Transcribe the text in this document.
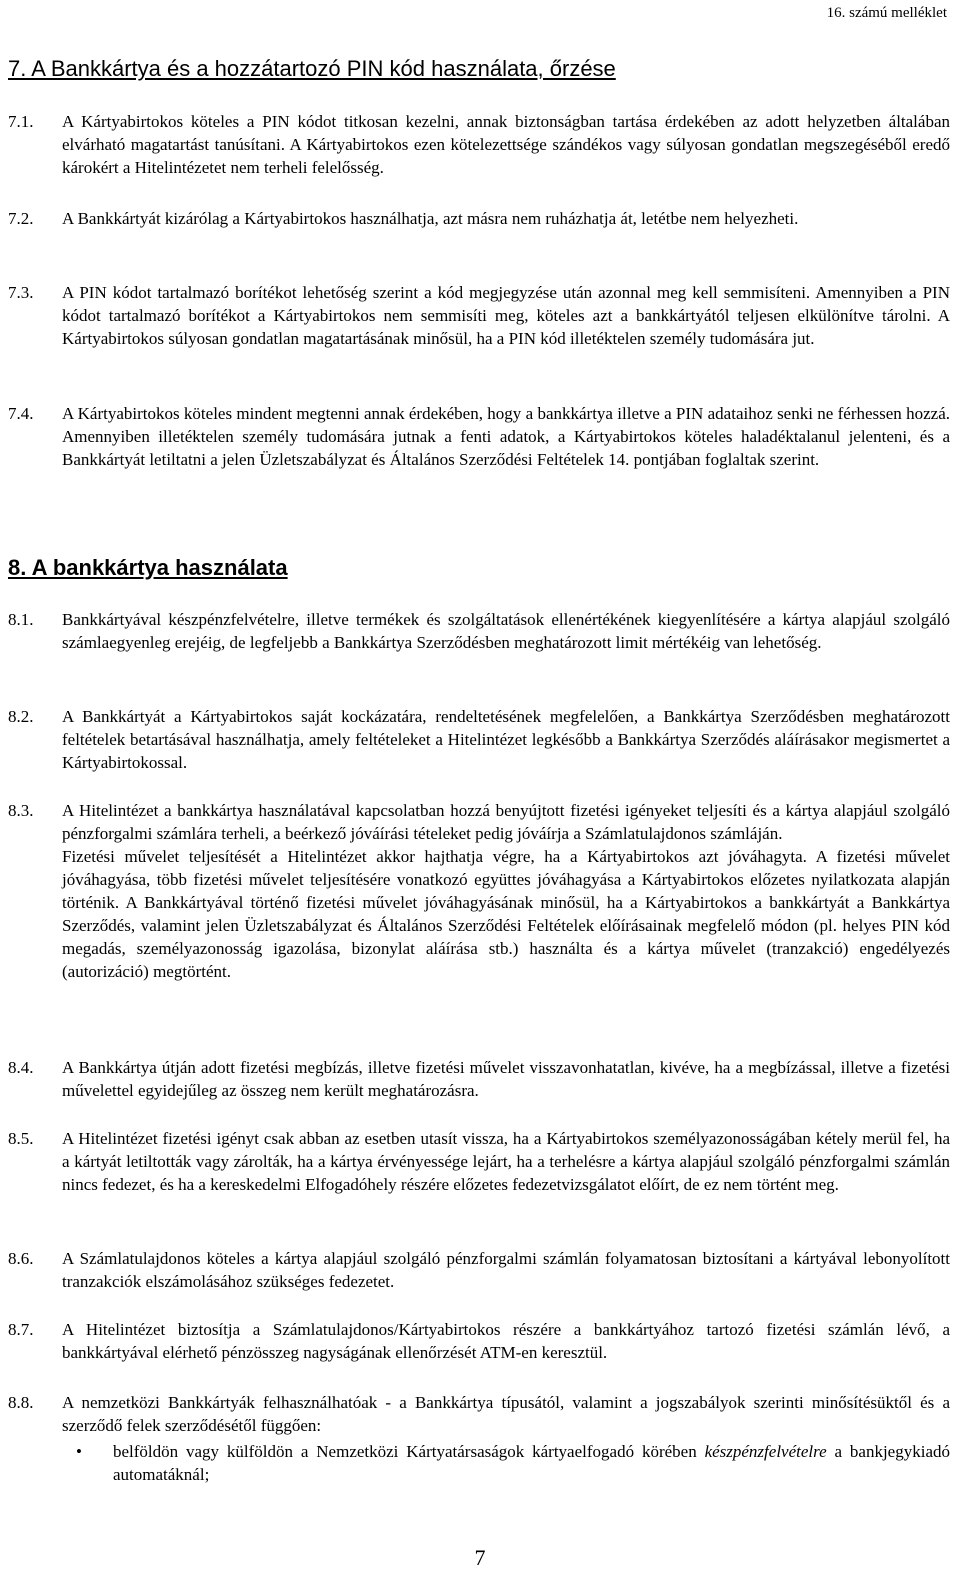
16. számú melléklet
7. A Bankkártya és a hozzátartozó PIN kód használata, őrzése
7.1. A Kártyabirtokos köteles a PIN kódot titkosan kezelni, annak biztonságban tartása érdekében az adott helyzetben általában elvárható magatartást tanúsítani. A Kártyabirtokos ezen kötelezettsége szándékos vagy súlyosan gondatlan megszegéséből eredő károkért a Hitelintézetet nem terheli felelősség.
7.2. A Bankkártyát kizárólag a Kártyabirtokos használhatja, azt másra nem ruházhatja át, letétbe nem helyezheti.
7.3. A PIN kódot tartalmazó borítékot lehetőség szerint a kód megjegyzése után azonnal meg kell semmisíteni. Amennyiben a PIN kódot tartalmazó borítékot a Kártyabirtokos nem semmisíti meg, köteles azt a bankkártyától teljesen elkülönítve tárolni. A Kártyabirtokos súlyosan gondatlan magatartásának minősül, ha a PIN kód illetéktelen személy tudomására jut.
7.4. A Kártyabirtokos köteles mindent megtenni annak érdekében, hogy a bankkártya illetve a PIN adataihoz senki ne férhessen hozzá. Amennyiben illetéktelen személy tudomására jutnak a fenti adatok, a Kártyabirtokos köteles haladéktalanul jelenteni, és a Bankkártyát letiltatni a jelen Üzletszabályzat és Általános Szerződési Feltételek 14. pontjában foglaltak szerint.
8. A bankkártya használata
8.1. Bankkártyával készpénzfelvételre, illetve termékek és szolgáltatások ellenértékének kiegyenlítésére a kártya alapjául szolgáló számlaegyenleg erejéig, de legfeljebb a Bankkártya Szerződésben meghatározott limit mértékéig van lehetőség.
8.2. A Bankkártyát a Kártyabirtokos saját kockázatára, rendeltetésének megfelelően, a Bankkártya Szerződésben meghatározott feltételek betartásával használhatja, amely feltételeket a Hitelintézet legkésőbb a Bankkártya Szerződés aláírásakor megismertet a Kártyabirtokossal.
8.3. A Hitelintézet a bankkártya használatával kapcsolatban hozzá benyújtott fizetési igényeket teljesíti és a kártya alapjául szolgáló pénzforgalmi számlára terheli, a beérkező jóváírási tételeket pedig jóváírja a Számlatulajdonos számláján.
Fizetési művelet teljesítését a Hitelintézet akkor hajthatja végre, ha a Kártyabirtokos azt jóváhagyta. A fizetési művelet jóváhagyása, több fizetési művelet teljesítésére vonatkozó együttes jóváhagyása a Kártyabirtokos előzetes nyilatkozata alapján történik. A Bankkártyával történő fizetési művelet jóváhagyásának minősül, ha a Kártyabirtokos a bankkártyát a Bankkártya Szerződés, valamint jelen Üzletszabályzat és Általános Szerződési Feltételek előírásainak megfelelő módon (pl. helyes PIN kód megadás, személyazonosság igazolása, bizonylat aláírása stb.) használta és a kártya művelet (tranzakció) engedélyezés (autorizáció) megtörtént.
8.4. A Bankkártya útján adott fizetési megbízás, illetve fizetési művelet visszavonhatatlan, kivéve, ha a megbízással, illetve a fizetési művelettel egyidejűleg az összeg nem került meghatározásra.
8.5. A Hitelintézet fizetési igényt csak abban az esetben utasít vissza, ha a Kártyabirtokos személyazonosságában kétely merül fel, ha a kártyát letiltották vagy zárolták, ha a kártya érvényessége lejárt, ha a terhelésre a kártya alapjául szolgáló pénzforgalmi számlán nincs fedezet, és ha a kereskedelmi Elfogadóhely részére előzetes fedezetvizsgálatot előírt, de ez nem történt meg.
8.6. A Számlatulajdonos köteles a kártya alapjául szolgáló pénzforgalmi számlán folyamatosan biztosítani a kártyával lebonyolított tranzakciók elszámolásához szükséges fedezetet.
8.7. A Hitelintézet biztosítja a Számlatulajdonos/Kártyabirtokos részére a bankkártyához tartozó fizetési számlán lévő, a bankkártyával elérhető pénzösszeg nagyságának ellenőrzését ATM-en keresztül.
8.8. A nemzetközi Bankkártyák felhasználhatóak - a Bankkártya típusától, valamint a jogszabályok szerinti minősítésüktől és a szerződő felek szerződésétől függően:
• belföldön vagy külföldön a Nemzetközi Kártyatársaságok kártyaelfogadó körében készpénzfelvételre a bankjegykiadó automatáknál;
7
